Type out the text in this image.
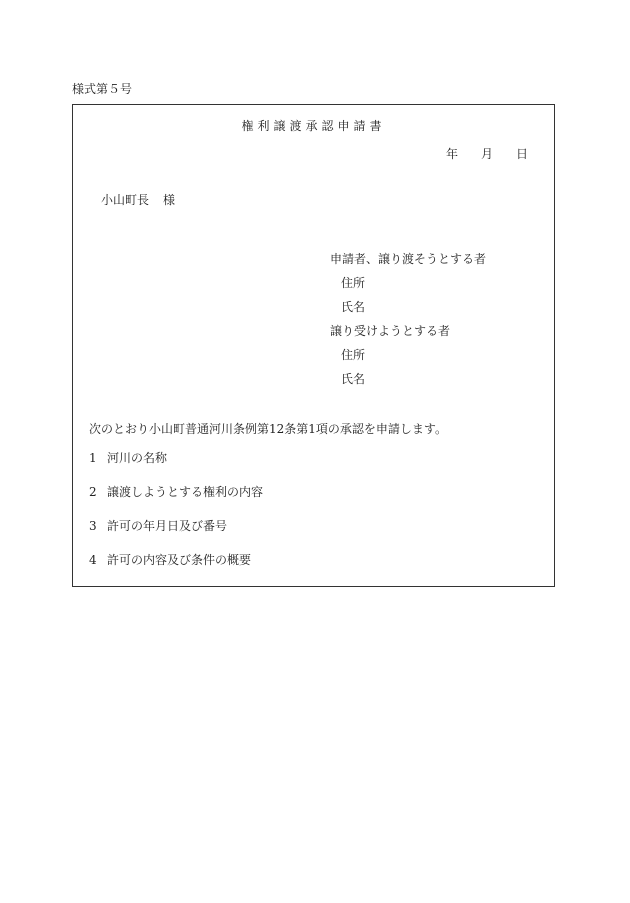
様式第５号
権利譲渡承認申請書
年 月 日
小山町長 様
申請者、譲り渡そうとする者
住所
氏名
譲り受けようとする者
住所
氏名
次のとおり小山町普通河川条例第12条第1項の承認を申請します。
1 河川の名称
2 譲渡しようとする権利の内容
3 許可の年月日及び番号
4 許可の内容及び条件の概要
